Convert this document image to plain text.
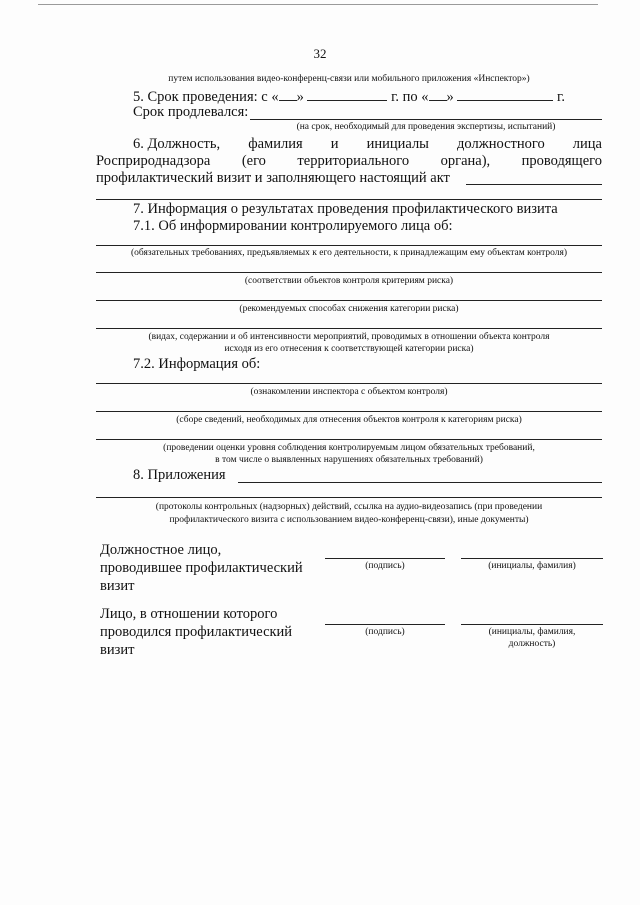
32
путем использования видео-конференц-связи или мобильного приложения «Инспектор»)
5. Срок проведения: с « »	г. по « »	г.
Срок продлевался:
(на срок, необходимый для проведения экспертизы, испытаний)
6. Должность, фамилия и инициалы должностного лица
Росприроднадзора (его территориального органа), проводящего
профилактический визит и заполняющего настоящий акт
7. Информация о результатах проведения профилактического визита
7.1. Об информировании контролируемого лица об:
(обязательных требованиях, предъявляемых к его деятельности, к принадлежащим ему объектам контроля)
(соответствии объектов контроля критериям риска)
(рекомендуемых способах снижения категории риска)
(видах, содержании и об интенсивности мероприятий, проводимых в отношении объекта контроля
исходя из его отнесения к соответствующей категории риска)
7.2. Информация об:
(ознакомлении инспектора с объектом контроля)
(сборе сведений, необходимых для отнесения объектов контроля к категориям риска)
(проведении оценки уровня соблюдения контролируемым лицом обязательных требований,
в том числе о выявленных нарушениях обязательных требований)
8. Приложения
(протоколы контрольных (надзорных) действий, ссылка на аудио-видеозапись (при проведении
профилактического визита с использованием видео-конференц-связи), иные документы)
Должностное лицо,
проводившее профилактический
визит
(подпись)	(инициалы, фамилия)
Лицо, в отношении которого
проводился профилактический
визит
(подпись)	(инициалы, фамилия,
должность)
